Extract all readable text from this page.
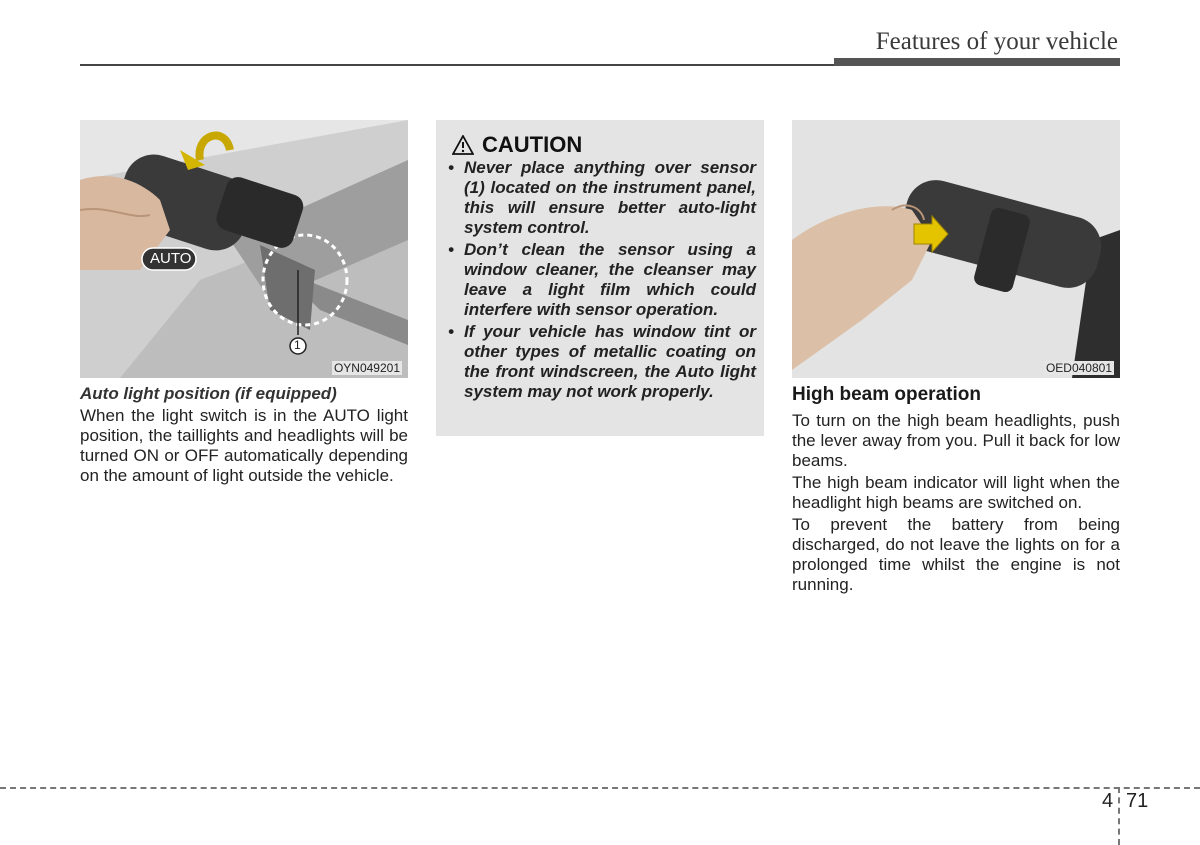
Features of your vehicle
AUTO
1
OYN049201
Auto light position (if equipped)

When the light switch is in the AUTO light position, the taillights and headlights will be turned ON or OFF automatically depending on the amount of light outside the vehicle.

CAUTION
• Never place anything over sensor (1) located on the instrument panel, this will ensure better auto-light system control.
• Don’t clean the sensor using a window cleaner, the cleanser may leave a light film which could interfere with sensor operation.
• If your vehicle has window tint or other types of metallic coating on the front windscreen, the Auto light system may not work properly.
OED040801
High beam operation

To turn on the high beam headlights, push the lever away from you. Pull it back for low beams.

The high beam indicator will light when the headlight high beams are switched on.

To prevent the battery from being discharged, do not leave the lights on for a prolonged time whilst the engine is not running.

4 71
